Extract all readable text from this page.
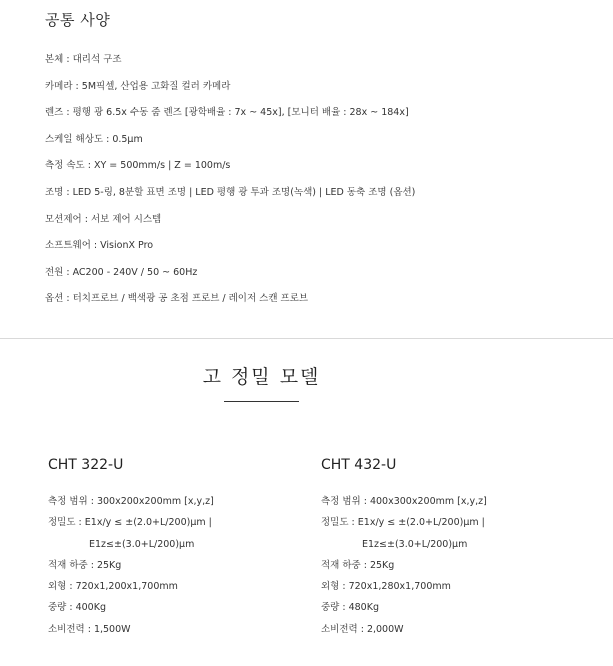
공통 사양
본체 : 대리석 구조
카메라 : 5M픽셀, 산업용 고화질 컬러 카메라
렌즈 : 평행 광 6.5x 수동 줌 렌즈 [광학배율 : 7x ~ 45x], [모니터 배율 : 28x ~ 184x]
스케일 해상도 : 0.5μm
측정 속도 : XY = 500mm/s | Z = 100m/s
조명 : LED 5-링, 8분할 표면 조명 | LED 평행 광 투과 조명(녹색) | LED 동축 조명 (옵션)
모션제어 : 서보 제어 시스템
소프트웨어 : VisionX Pro
전원 : AC200 - 240V / 50 ~ 60Hz
옵션 : 터치프로브 / 백색광 공 초점 프로브 / 레이저 스캔 프로브
고 정밀 모델
CHT 322-U
측정 범위 : 300x200x200mm [x,y,z]
정밀도 : E1x/y ≤ ±(2.0+L/200)μm |
E1z≤±(3.0+L/200)μm
적재 하중 : 25Kg
외형 : 720x1,200x1,700mm
중량 : 400Kg
소비전력 : 1,500W
CHT 432-U
측정 범위 : 400x300x200mm [x,y,z]
정밀도 : E1x/y ≤ ±(2.0+L/200)μm |
E1z≤±(3.0+L/200)μm
적재 하중 : 25Kg
외형 : 720x1,280x1,700mm
중량 : 480Kg
소비전력 : 2,000W
